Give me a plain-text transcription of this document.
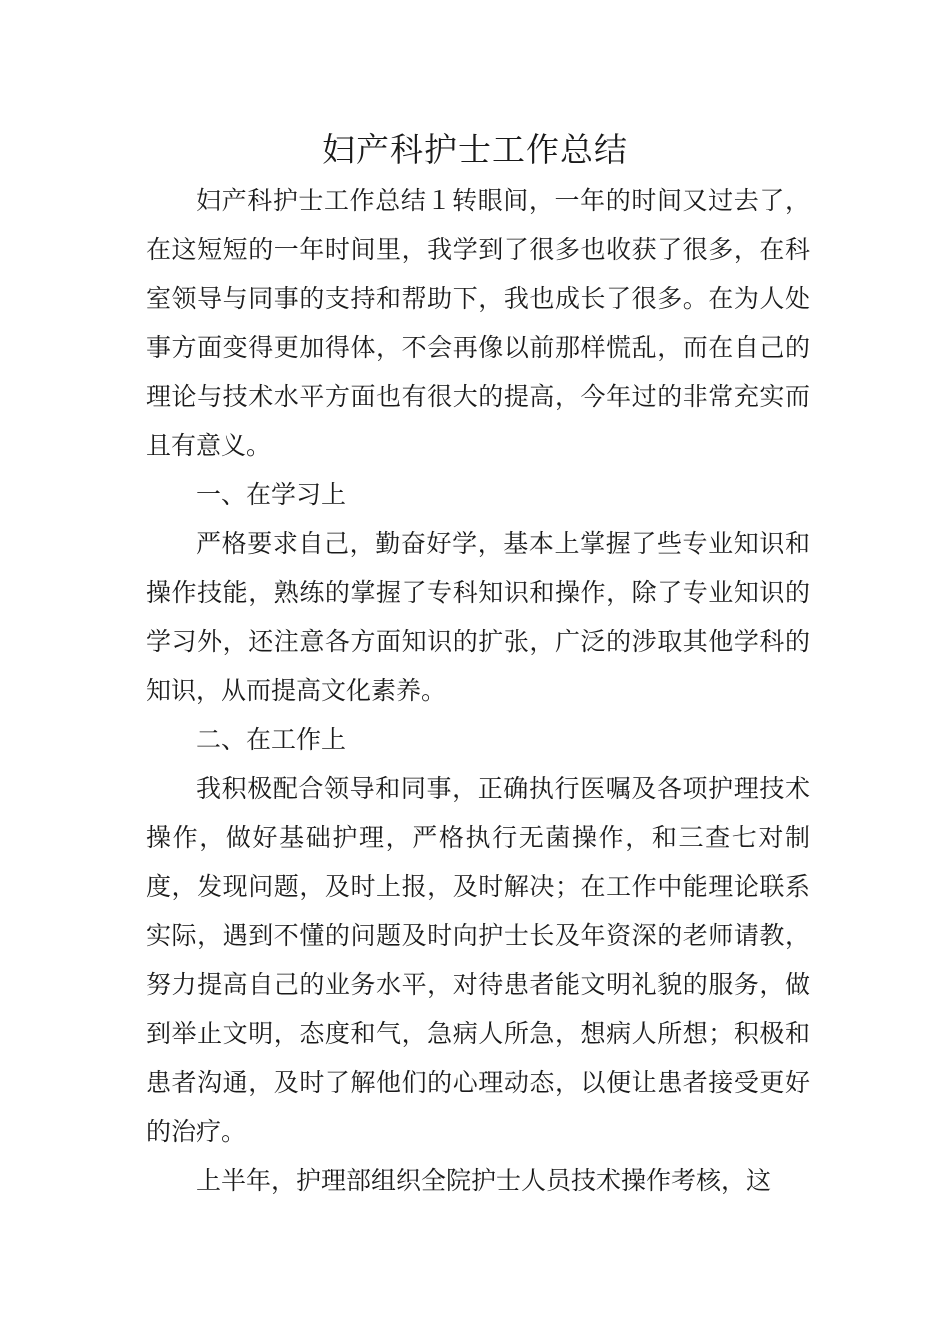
妇产科护士工作总结

妇产科护士工作总结１转眼间，一年的时间又过去了，在这短短的一年时间里，我学到了很多也收获了很多，在科室领导与同事的支持和帮助下，我也成长了很多。在为人处事方面变得更加得体，不会再像以前那样慌乱，而在自己的理论与技术水平方面也有很大的提高，今年过的非常充实而且有意义。

一、在学习上

严格要求自己，勤奋好学，基本上掌握了些专业知识和操作技能，熟练的掌握了专科知识和操作，除了专业知识的学习外，还注意各方面知识的扩张，广泛的涉取其他学科的知识，从而提高文化素养。

二、在工作上

我积极配合领导和同事，正确执行医嘱及各项护理技术操作，做好基础护理，严格执行无菌操作，和三查七对制度，发现问题，及时上报，及时解决；在工作中能理论联系实际，遇到不懂的问题及时向护士长及年资深的老师请教，努力提高自己的业务水平，对待患者能文明礼貌的服务，做到举止文明，态度和气，急病人所急，想病人所想；积极和患者沟通，及时了解他们的心理动态，以便让患者接受更好的治疗。

上半年，护理部组织全院护士人员技术操作考核，这
